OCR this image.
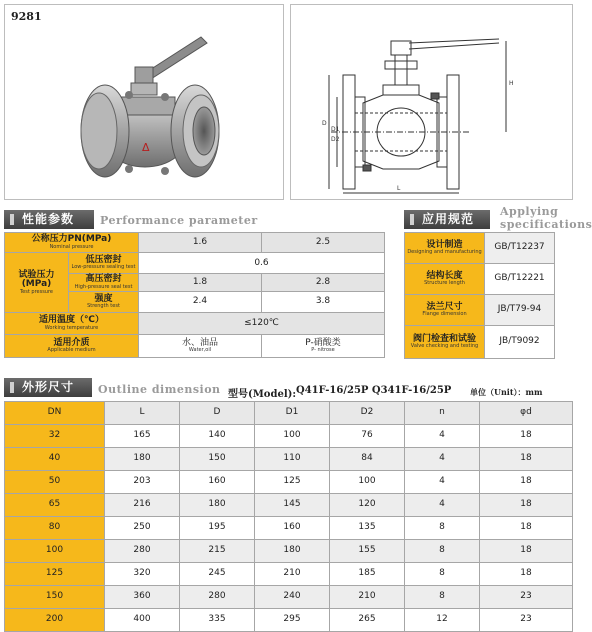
9281
Δ
D
D1
D2
L
H
性能参数	Performance parameter	应用规范
Applying
specifications
公称压力PN(MPa)
Nominal pressure		1.6	2.5

试验压力(MPa)
Test pressure	低压密封
Low-pressure sealing test	0.6	

	高压密封
High-pressure seal test	1.8	2.8

	强度
Strength test	2.4	3.8

适用温度（℃）
Working temperature		≤120℃	

适用介质
Applicable medium		水、油品
Water,oil	P-硝酸类
P- nitrose
设计制造
Designing and manufacturing	GB/T12237

结构长度
Structure length	GB/T12221

法兰尺寸
Flange dimension	JB/T79-94

阀门检查和试验
Valve checking and testing	JB/T9092
外形尺寸	Outline dimension 型号(Model): Q41F-16/25P Q341F-16/25P 单位（Unit）：mm
DN	L	D	D1	D2	n	φd
32	165	140	100	76	4	18
40	180	150	110	84	4	18
50	203	160	125	100	4	18
65	216	180	145	120	4	18
80	250	195	160	135	8	18
100	280	215	180	155	8	18
125	320	245	210	185	8	18
150	360	280	240	210	8	23
200	400	335	295	265	12	23
